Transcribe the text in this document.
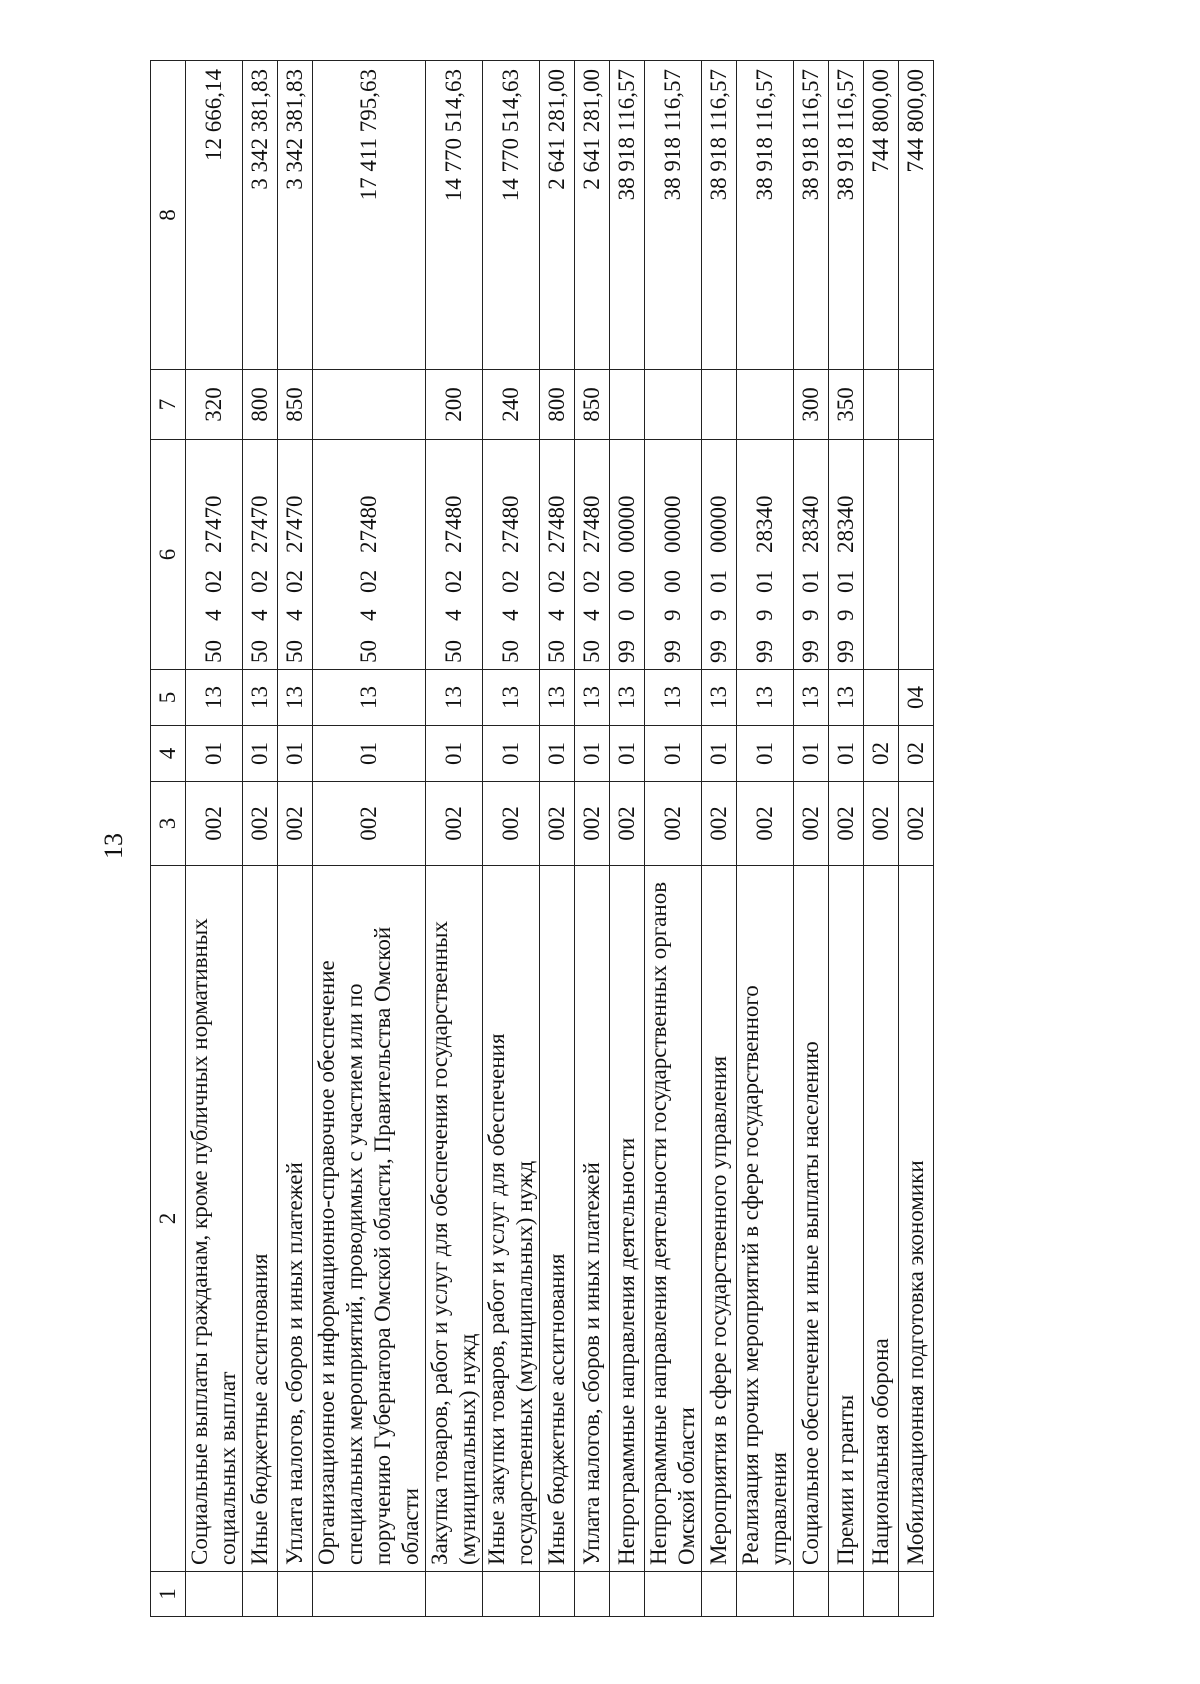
13
1	2	3	4	5	6	7	8
	Социальные выплаты гражданам, кроме публичных нормативных социальных выплат	002	01	13	5040227470	320	12 666,14
	Иные бюджетные ассигнования	002	01	13	5040227470	800	3 342 381,83
	Уплата налогов, сборов и иных платежей	002	01	13	5040227470	850	3 342 381,83
	Организационное и информационно-справочное обеспечение специальных мероприятий, проводимых с участием или по поручению Губернатора Омской области, Правительства Омской области	002	01	13	5040227480		17 411 795,63
	Закупка товаров, работ и услуг для обеспечения государственных (муниципальных) нужд	002	01	13	5040227480	200	14 770 514,63
	Иные закупки товаров, работ и услуг для обеспечения государственных (муниципальных) нужд	002	01	13	5040227480	240	14 770 514,63
	Иные бюджетные ассигнования	002	01	13	5040227480	800	2 641 281,00
	Уплата налогов, сборов и иных платежей	002	01	13	5040227480	850	2 641 281,00
	Непрограммные направления деятельности	002	01	13	9900000000		38 918 116,57
	Непрограммные направления деятельности государственных органов Омской области	002	01	13	9990000000		38 918 116,57
	Мероприятия в сфере государственного управления	002	01	13	9990100000		38 918 116,57
	Реализация прочих мероприятий в сфере государственного управления	002	01	13	9990128340		38 918 116,57
	Социальное обеспечение и иные выплаты населению	002	01	13	9990128340	300	38 918 116,57
	Премии и гранты	002	01	13	9990128340	350	38 918 116,57
	Национальная оборона	002	02				744 800,00
	Мобилизационная подготовка экономики	002	02	04			744 800,00
